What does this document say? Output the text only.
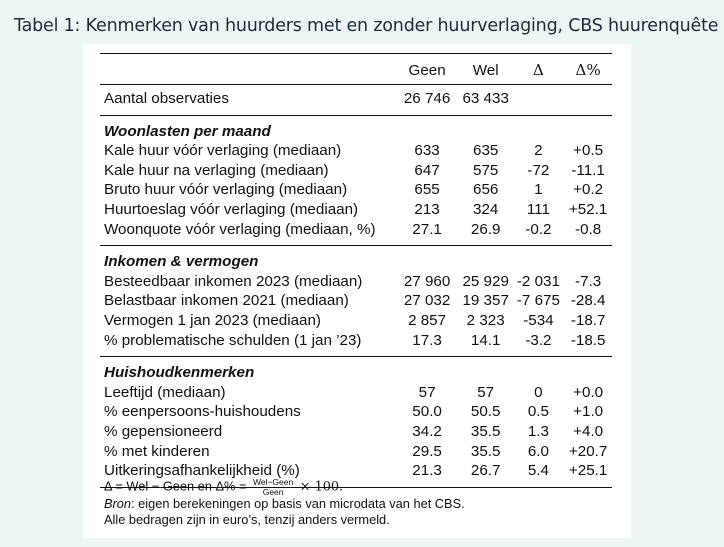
Tabel 1: Kenmerken van huurders met en zonder huurverlaging, CBS huurenquête
	Geen	Wel	Δ	Δ%
Aantal observaties	26 746	63 433		
Woonlasten per maand				
Kale huur vóór verlaging (mediaan)	633	635	2	+0.5
Kale huur na verlaging (mediaan)	647	575	-72	-11.1
Bruto huur vóór verlaging (mediaan)	655	656	1	+0.2
Huurtoeslag vóór verlaging (mediaan)	213	324	111	+52.1
Woonquote vóór verlaging (mediaan, %)	27.1	26.9	-0.2	-0.8

Inkomen & vermogen				
Besteedbaar inkomen 2023 (mediaan)	27 960	25 929	-2 031	-7.3
Belastbaar inkomen 2021 (mediaan)	27 032	19 357	-7 675	-28.4
Vermogen 1 jan 2023 (mediaan)	2 857	2 323	-534	-18.7
% problematische schulden (1 jan ’23)	17.3	14.1	-3.2	-18.5

Huishoudkenmerken				
Leeftijd (mediaan)	57	57	0	+0.0
% eenpersoons-huishoudens	50.0	50.5	0.5	+1.0
% gepensioneerd	34.2	35.5	1.3	+4.0
% met kinderen	29.5	35.5	6.0	+20.7
Uitkeringsafhankelijkheid (%)	21.3	26.7	5.4	+25.1

Δ = Wel − Geen en $\Delta\% = \frac{\text{Wel−Geen}}{\text{Geen}} \times 100$.
Bron: eigen berekeningen op basis van microdata van het CBS.
Alle bedragen zijn in euro’s, tenzij anders vermeld.
